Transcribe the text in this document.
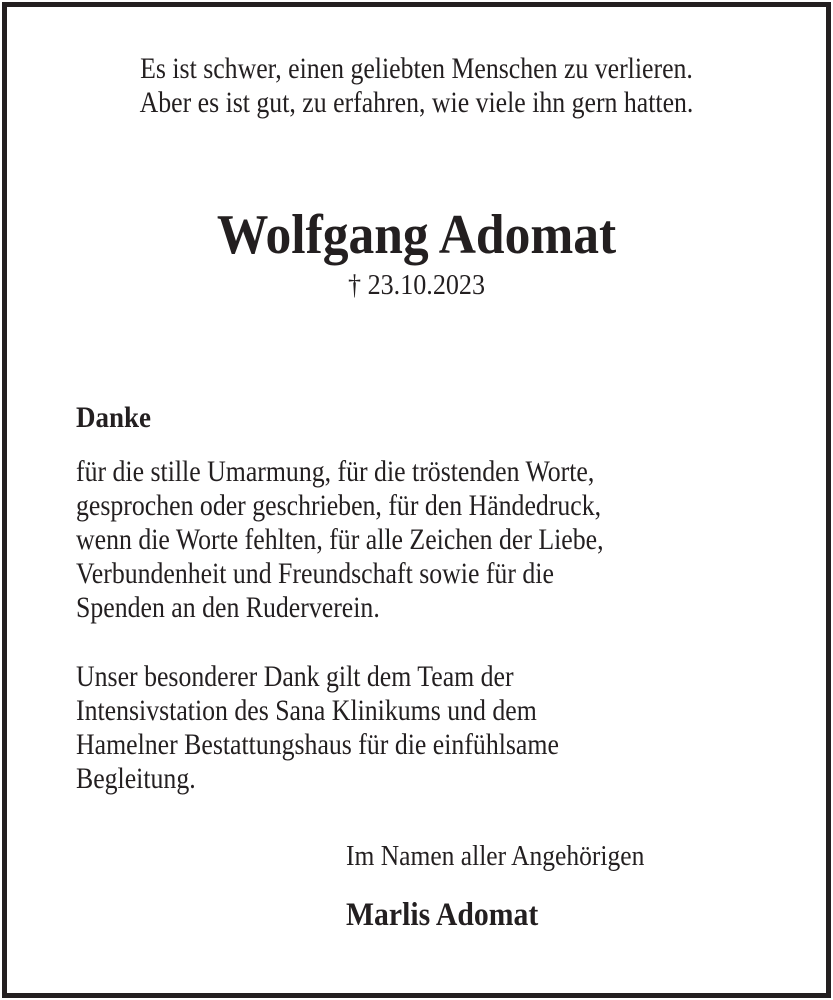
Es ist schwer, einen geliebten Menschen zu verlieren.
Aber es ist gut, zu erfahren, wie viele ihn gern hatten.
Wolfgang Adomat
† 23.10.2023
Danke
für die stille Umarmung, für die tröstenden Worte,
gesprochen oder geschrieben, für den Händedruck,
wenn die Worte fehlten, für alle Zeichen der Liebe,
Verbundenheit und Freundschaft sowie für die
Spenden an den Ruderverein.
Unser besonderer Dank gilt dem Team der
Intensivstation des Sana Klinikums und dem
Hamelner Bestattungshaus für die einfühlsame
Begleitung.
Im Namen aller Angehörigen
Marlis Adomat
